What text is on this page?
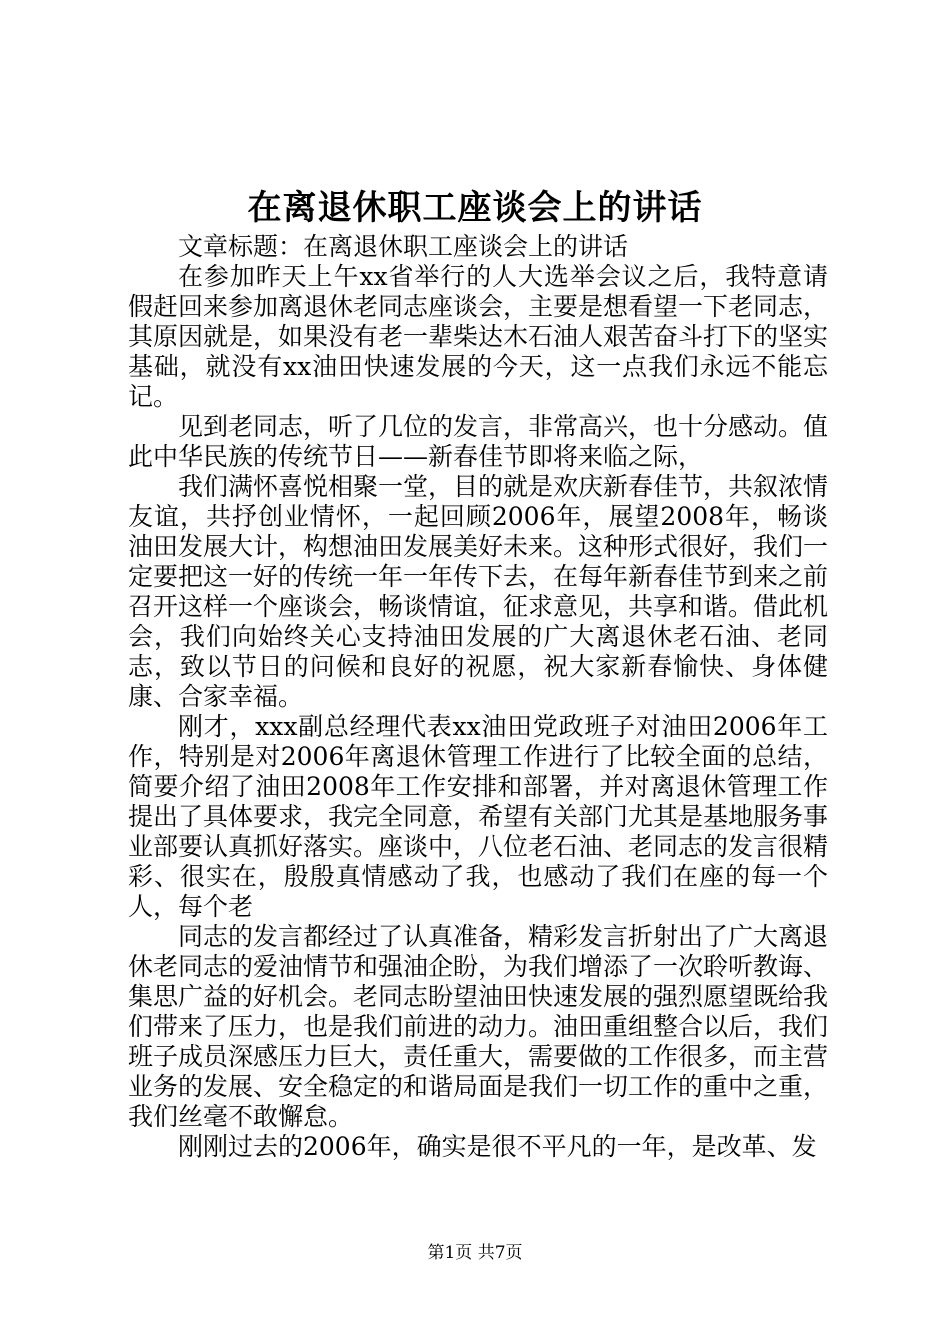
在离退休职工座谈会上的讲话

文章标题：在离退休职工座谈会上的讲话

在参加昨天上午xx省举行的人大选举会议之后，我特意请假赶回来参加离退休老同志座谈会，主要是想看望一下老同志，其原因就是，如果没有老一辈柴达木石油人艰苦奋斗打下的坚实基础，就没有xx油田快速发展的今天，这一点我们永远不能忘记。

见到老同志，听了几位的发言，非常高兴，也十分感动。值此中华民族的传统节日——新春佳节即将来临之际，

我们满怀喜悦相聚一堂，目的就是欢庆新春佳节，共叙浓情友谊，共抒创业情怀，一起回顾2006年，展望2008年，畅谈油田发展大计，构想油田发展美好未来。这种形式很好，我们一定要把这一好的传统一年一年传下去，在每年新春佳节到来之前召开这样一个座谈会，畅谈情谊，征求意见，共享和谐。借此机会，我们向始终关心支持油田发展的广大离退休老石油、老同志，致以节日的问候和良好的祝愿，祝大家新春愉快、身体健康、合家幸福。

刚才，xxx副总经理代表xx油田党政班子对油田2006年工作，特别是对2006年离退休管理工作进行了比较全面的总结，简要介绍了油田2008年工作安排和部署，并对离退休管理工作提出了具体要求，我完全同意，希望有关部门尤其是基地服务事业部要认真抓好落实。座谈中，八位老石油、老同志的发言很精彩、很实在，殷殷真情感动了我，也感动了我们在座的每一个人，每个老

同志的发言都经过了认真准备，精彩发言折射出了广大离退休老同志的爱油情节和强油企盼，为我们增添了一次聆听教诲、集思广益的好机会。老同志盼望油田快速发展的强烈愿望既给我们带来了压力，也是我们前进的动力。油田重组整合以后，我们班子成员深感压力巨大，责任重大，需要做的工作很多，而主营业务的发展、安全稳定的和谐局面是我们一切工作的重中之重，我们丝毫不敢懈怠。

刚刚过去的2006年，确实是很不平凡的一年，是改革、发

第1页 共7页
